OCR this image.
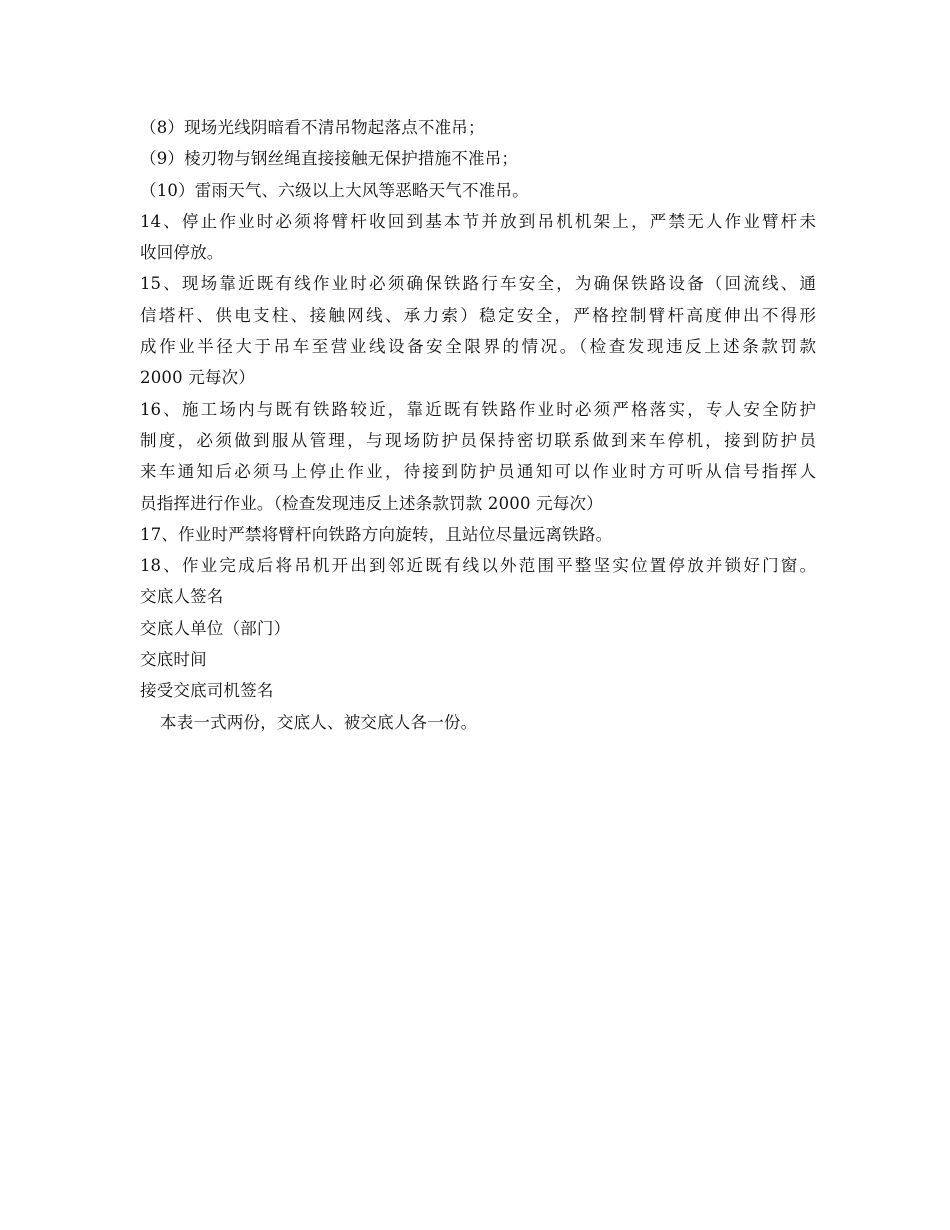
（8）现场光线阴暗看不清吊物起落点不准吊；
（9）棱刃物与钢丝绳直接接触无保护措施不准吊；
（10）雷雨天气、六级以上大风等恶略天气不准吊。
14、停止作业时必须将臂杆收回到基本节并放到吊机机架上，严禁无人作业臂杆未
收回停放。
15、现场靠近既有线作业时必须确保铁路行车安全，为确保铁路设备（回流线、通
信塔杆、供电支柱、接触网线、承力索）稳定安全，严格控制臂杆高度伸出不得形
成作业半径大于吊车至营业线设备安全限界的情况。（检查发现违反上述条款罚款
2000 元每次）
16、施工场内与既有铁路较近，靠近既有铁路作业时必须严格落实，专人安全防护
制度，必须做到服从管理，与现场防护员保持密切联系做到来车停机，接到防护员
来车通知后必须马上停止作业，待接到防护员通知可以作业时方可听从信号指挥人
员指挥进行作业。（检查发现违反上述条款罚款 2000 元每次）
17、作业时严禁将臂杆向铁路方向旋转，且站位尽量远离铁路。
18、作业完成后将吊机开出到邻近既有线以外范围平整坚实位置停放并锁好门窗。
交底人签名
交底人单位（部门）
交底时间
接受交底司机签名
本表一式两份，交底人、被交底人各一份。
